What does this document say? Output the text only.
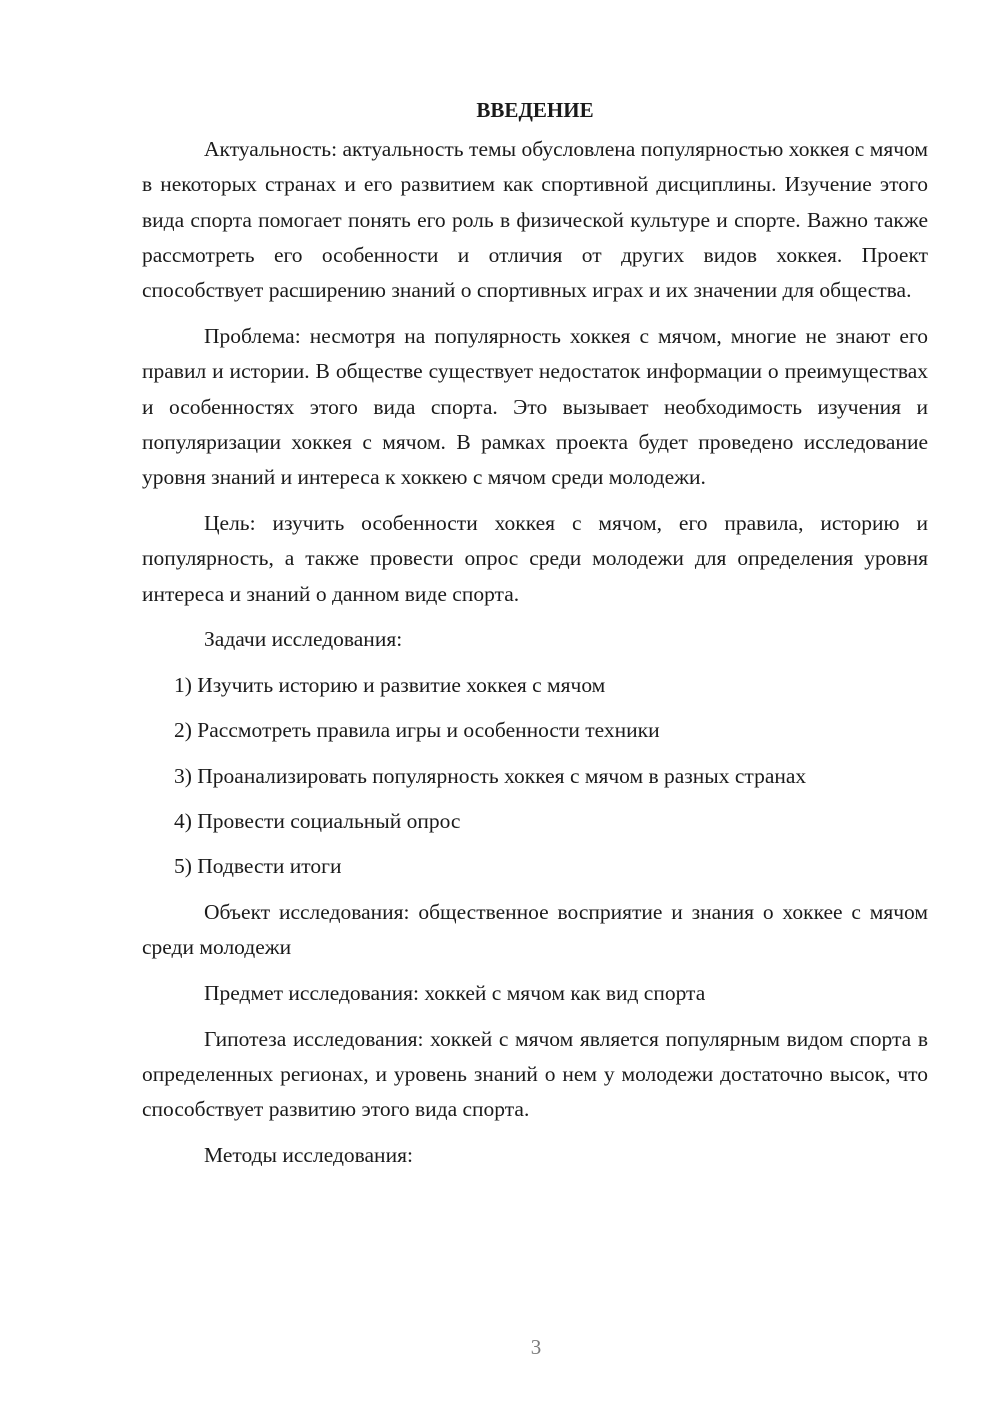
ВВЕДЕНИЕ

Актуальность: актуальность темы обусловлена популярностью хоккея с мячом в некоторых странах и его развитием как спортивной дисциплины. Изучение этого вида спорта помогает понять его роль в физической культуре и спорте. Важно также рассмотреть его особенности и отличия от других видов хоккея. Проект способствует расширению знаний о спортивных играх и их значении для общества.

Проблема: несмотря на популярность хоккея с мячом, многие не знают его правил и истории. В обществе существует недостаток информации о преимуществах и особенностях этого вида спорта. Это вызывает необходимость изучения и популяризации хоккея с мячом. В рамках проекта будет проведено исследование уровня знаний и интереса к хоккею с мячом среди молодежи.

Цель: изучить особенности хоккея с мячом, его правила, историю и популярность, а также провести опрос среди молодежи для определения уровня интереса и знаний о данном виде спорта.

Задачи исследования:

1) Изучить историю и развитие хоккея с мячом
2) Рассмотреть правила игры и особенности техники
3) Проанализировать популярность хоккея с мячом в разных странах
4) Провести социальный опрос
5) Подвести итоги

Объект исследования: общественное восприятие и знания о хоккее с мячом среди молодежи

Предмет исследования: хоккей с мячом как вид спорта

Гипотеза исследования: хоккей с мячом является популярным видом спорта в определенных регионах, и уровень знаний о нем у молодежи достаточно высок, что способствует развитию этого вида спорта.

Методы исследования:

3
